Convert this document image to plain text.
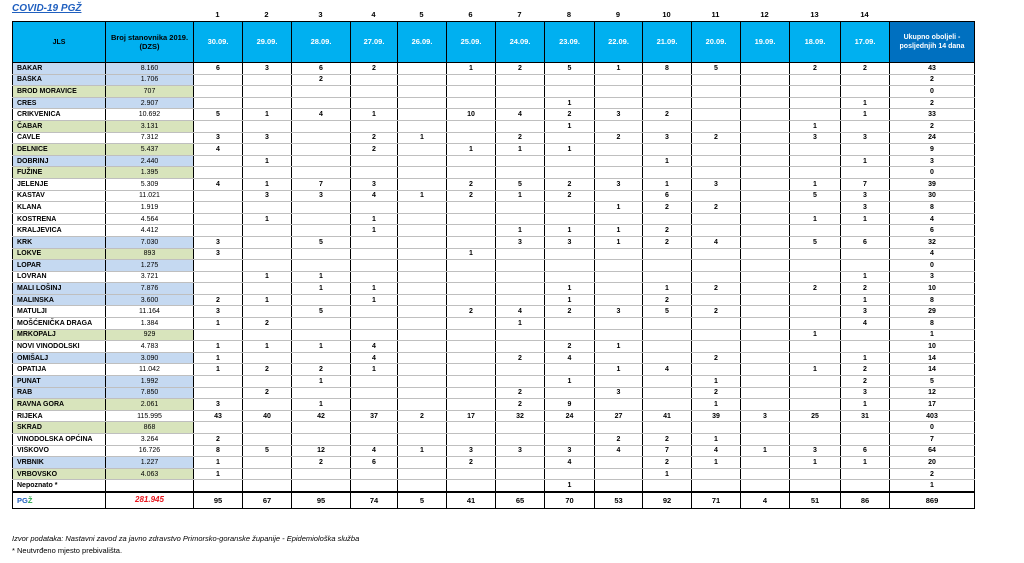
COVID-19 PGŽ
		1	2	3	4	5	6	7	8	9	10	11	12	13	14	
JLS	Broj stanovnika 2019. (DZS)	30.09.	29.09.	28.09.	27.09.	26.09.	25.09.	24.09.	23.09.	22.09.	21.09.	20.09.	19.09.	18.09.	17.09.	Ukupno oboljeli - posljednjih 14 dana
BAKAR	8.160	6	3	6	2		1	2	5	1	8	5		2	2	43
BAŠKA	1.706			2												2
BROD MORAVICE	707															0
CRES	2.907								1						1	2
CRIKVENICA	10.692	5	1	4	1		10	4	2	3	2				1	33
ČABAR	3.131								1					1		2
ČAVLE	7.312	3	3		2	1		2		2	3	2		3	3	24
DELNICE	5.437	4			2		1	1	1							9
DOBRINJ	2.440		1								1				1	3
FUŽINE	1.395															0
JELENJE	5.309	4	1	7	3		2	5	2	3	1	3		1	7	39
KASTAV	11.021		3	3	4	1	2	1	2		6			5	3	30
KLANA	1.919									1	2	2			3	8
KOSTRENA	4.564		1		1									1	1	4
KRALJEVICA	4.412				1			1	1	1	2					6
KRK	7.030	3		5				3	3	1	2	4		5	6	32
LOKVE	893	3					1									4
LOPAR	1.275															0
LOVRAN	3.721		1	1											1	3
MALI LOŠINJ	7.876			1	1				1		1	2		2	2	10
MALINSKA	3.600	2	1		1				1		2				1	8
MATULJI	11.164	3		5			2	4	2	3	5	2			3	29
MOŠĆENIČKA DRAGA	1.384	1	2					1							4	8
MRKOPALJ	929													1		1
NOVI VINODOLSKI	4.783	1	1	1	4				2	1						10
OMIŠALJ	3.090	1			4			2	4			2			1	14
OPATIJA	11.042	1	2	2	1					1	4			1	2	14
PUNAT	1.992			1					1			1			2	5
RAB	7.850		2					2		3		2			3	12
RAVNA GORA	2.061	3		1				2	9			1			1	17
RIJEKA	115.995	43	40	42	37	2	17	32	24	27	41	39	3	25	31	403
SKRAD	868															0
VINODOLSKA OPĆINA	3.264	2								2	2	1				7
VIŠKOVO	16.726	8	5	12	4	1	3	3	3	4	7	4	1	3	6	64
VRBNIK	1.227	1		2	6		2		4		2	1		1	1	20
VRBOVSKO	4.063	1									1					2
Nepoznato *									1							1
PGŽ	281.945	95	67	95	74	5	41	65	70	53	92	71	4	51	86	869
Izvor podataka: Nastavni zavod za javno zdravstvo Primorsko-goranske županije - Epidemiološka služba
* Neutvrđeno mjesto prebivališta.
